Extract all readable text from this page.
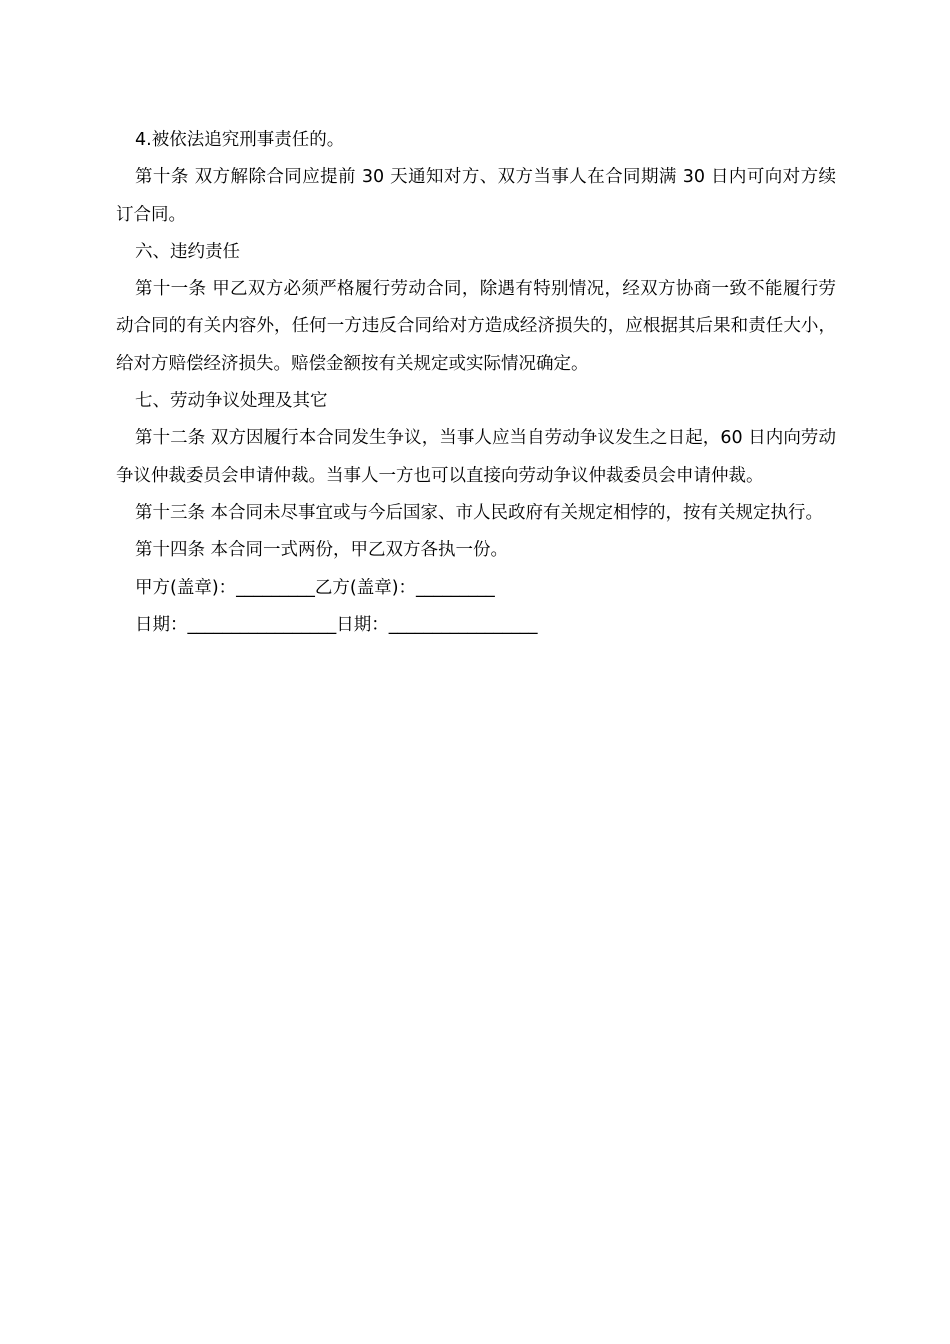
4.被依法追究刑事责任的。

第十条 双方解除合同应提前 30 天通知对方、双方当事人在合同期满 30 日内可向对方续订合同。

六、违约责任

第十一条 甲乙双方必须严格履行劳动合同，除遇有特别情况，经双方协商一致不能履行劳动合同的有关内容外，任何一方违反合同给对方造成经济损失的，应根据其后果和责任大小，给对方赔偿经济损失。赔偿金额按有关规定或实际情况确定。

七、劳动争议处理及其它

第十二条 双方因履行本合同发生争议，当事人应当自劳动争议发生之日起，60 日内向劳动争议仲裁委员会申请仲裁。当事人一方也可以直接向劳动争议仲裁委员会申请仲裁。

第十三条 本合同未尽事宜或与今后国家、市人民政府有关规定相悖的，按有关规定执行。

第十四条 本合同一式两份，甲乙双方各执一份。

甲方(盖章)：_________乙方(盖章)：_________

日期：_________________日期：_________________
